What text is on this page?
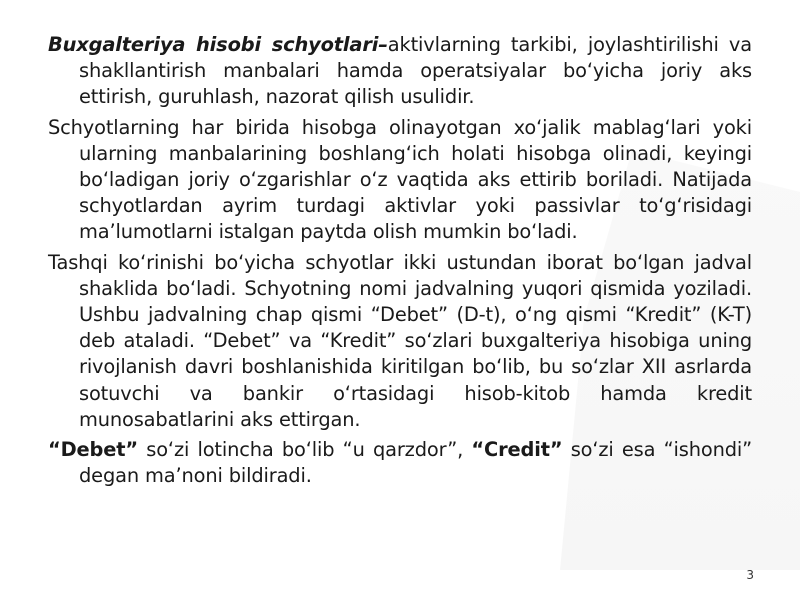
Buxgalteriya hisobi schyotlari–aktivlarning tarkibi, joylashtirilishi va shakllantirish manbalari hamda operatsiyalar bo‘yicha joriy aks ettirish, guruhlash, nazorat qilish usulidir.

Schyotlarning har birida hisobga olinayotgan xo‘jalik mablag‘lari yoki ularning manbalarining boshlang‘ich holati hisobga olinadi, keyingi bo‘ladigan joriy o‘zgarishlar o‘z vaqtida aks ettirib boriladi. Natijada schyotlardan ayrim turdagi aktivlar yoki passivlar to‘g‘risidagi ma’lumotlarni istalgan paytda olish mumkin bo‘ladi.

Tashqi ko‘rinishi bo‘yicha schyotlar ikki ustundan iborat bo‘lgan jadval shaklida bo‘ladi. Schyotning nomi jadvalning yuqori qismida yoziladi. Ushbu jadvalning chap qismi “Debet” (D-t), o‘ng qismi “Kredit” (K-T) deb ataladi. “Debet” va “Kredit” so‘zlari buxgalteriya hisobiga uning rivojlanish davri boshlanishida kiritilgan bo‘lib, bu so‘zlar XII asrlarda sotuvchi va bankir o‘rtasidagi hisob-kitob hamda kredit munosabatlarini aks ettirgan.

“Debet” so‘zi lotincha bo‘lib “u qarzdor”, “Credit” so‘zi esa “ishondi” degan ma’noni bildiradi.

3
